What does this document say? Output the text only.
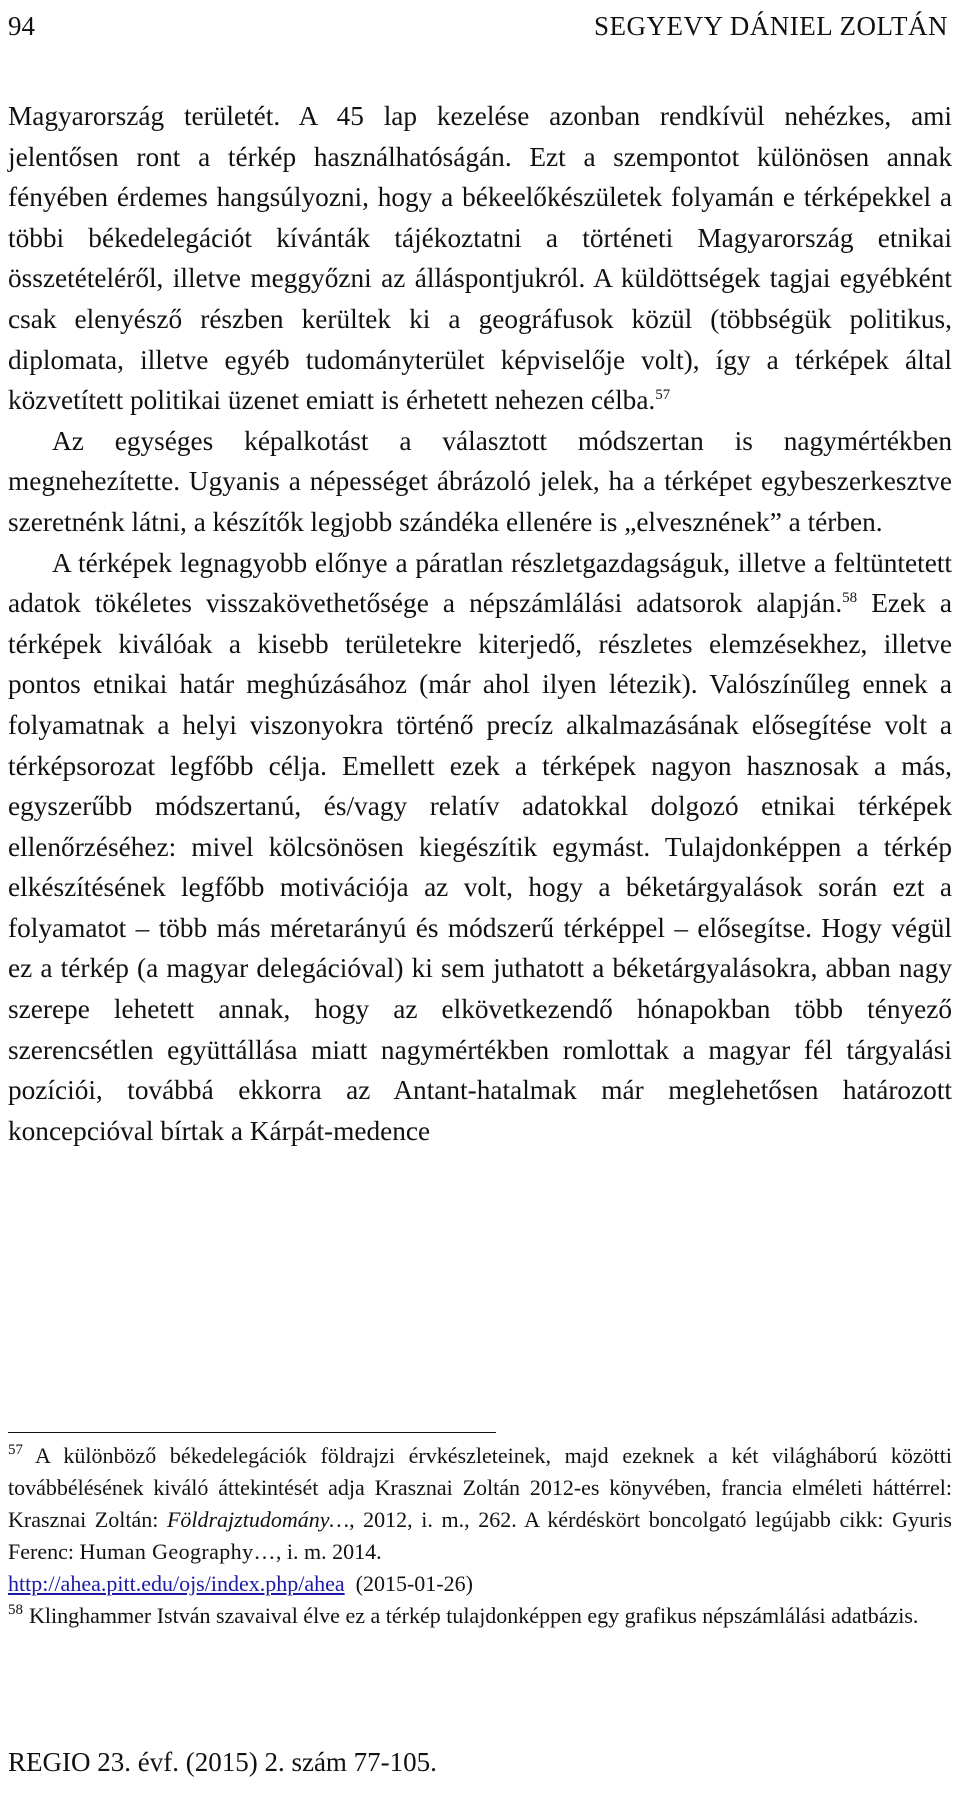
94	SEGYEVY DÁNIEL ZOLTÁN

Magyarország területét. A 45 lap kezelése azonban rendkívül nehézkes, ami jelentősen ront a térkép használhatóságán. Ezt a szempontot különösen annak fényében érdemes hangsúlyozni, hogy a békeelőkészületek folyamán e térképekkel a többi békedelegációt kívánták tájékoztatni a történeti Magyarország etnikai összetételéről, illetve meggyőzni az álláspontjukról. A küldöttségek tagjai egyébként csak elenyésző részben kerültek ki a geográfusok közül (többségük politikus, diplomata, illetve egyéb tudományterület képviselője volt), így a térképek által közvetített politikai üzenet emiatt is érhetett nehezen célba.$^{57}$

Az egységes képalkotást a választott módszertan is nagymértékben megnehezítette. Ugyanis a népességet ábrázoló jelek, ha a térképet egybeszerkesztve szeretnénk látni, a készítők legjobb szándéka ellenére is „elvesznének” a térben.

A térképek legnagyobb előnye a páratlan részletgazdagságuk, illetve a feltüntetett adatok tökéletes visszakövethetősége a népszámlálási adatsorok alapján.$^{58}$ Ezek a térképek kiválóak a kisebb területekre kiterjedő, részletes elemzésekhez, illetve pontos etnikai határ meghúzásához (már ahol ilyen létezik). Valószínűleg ennek a folyamatnak a helyi viszonyokra történő precíz alkalmazásának elősegítése volt a térképsorozat legfőbb célja. Emellett ezek a térképek nagyon hasznosak a más, egyszerűbb módszertanú, és/vagy relatív adatokkal dolgozó etnikai térképek ellenőrzéséhez: mivel kölcsönösen kiegészítik egymást. Tulajdonképpen a térkép elkészítésének legfőbb motivációja az volt, hogy a béketárgyalások során ezt a folyamatot – több más méretarányú és módszerű térképpel – elősegítse. Hogy végül ez a térkép (a magyar delegációval) ki sem juthatott a béketárgyalásokra, abban nagy szerepe lehetett annak, hogy az elkövetkezendő hónapokban több tényező szerencsétlen együttállása miatt nagymértékben romlottak a magyar fél tárgyalási pozíciói, továbbá ekkorra az Antant-hatalmak már meglehetősen határozott koncepcióval bírtak a Kárpát-medence

$^{57}$ A különböző békedelegációk földrajzi érvkészleteinek, majd ezeknek a két világháború közötti továbbélésének kiváló áttekintését adja Krasznai Zoltán 2012-es könyvében, francia elméleti háttérrel: Krasznai Zoltán: Földrajztudomány…, 2012, i. m., 262. A kérdéskört boncolgató legújabb cikk: Gyuris Ferenc: Human Geography…, i. m. 2014.
http://ahea.pitt.edu/ojs/index.php/ahea (2015-01-26)

$^{58}$ Klinghammer István szavaival élve ez a térkép tulajdonképpen egy grafikus népszámlálási adatbázis.

REGIO 23. évf. (2015) 2. szám 77-105.
